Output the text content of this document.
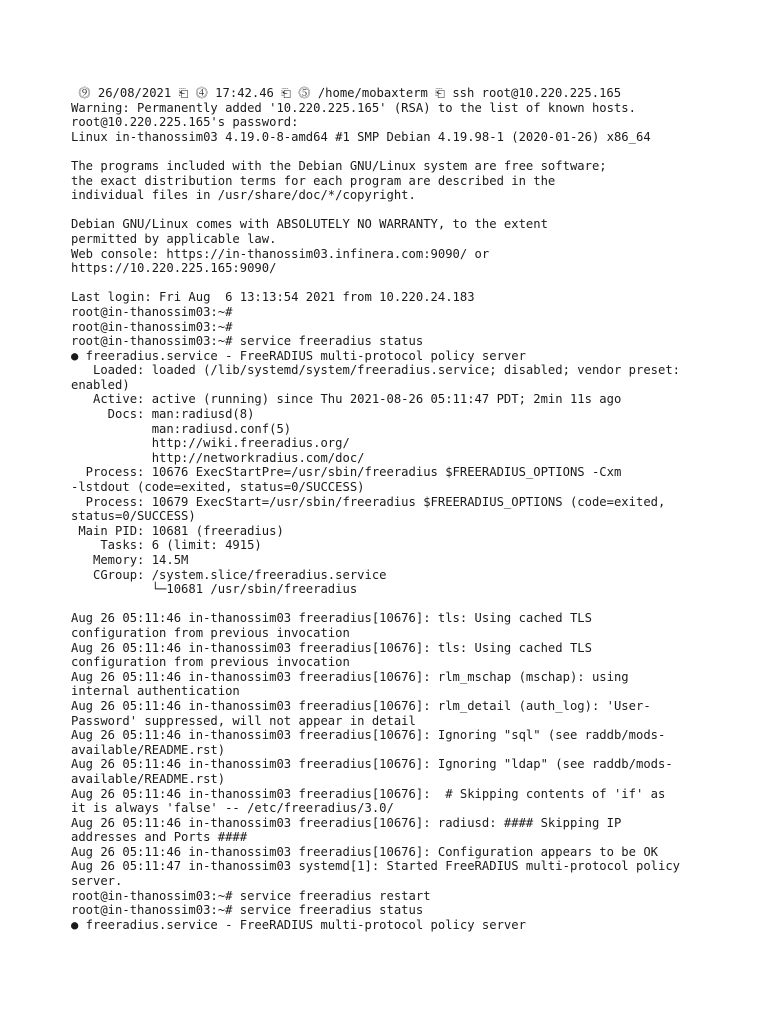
⓽ 26/08/2021 ⎗ ⓸ 17:42.46 ⎗ ⓹ /home/mobaxterm ⎗ ssh root@10.220.225.165
Warning: Permanently added '10.220.225.165' (RSA) to the list of known hosts.
root@10.220.225.165's password:
Linux in-thanossim03 4.19.0-8-amd64 #1 SMP Debian 4.19.98-1 (2020-01-26) x86_64
The programs included with the Debian GNU/Linux system are free software;
the exact distribution terms for each program are described in the
individual files in /usr/share/doc/*/copyright.
Debian GNU/Linux comes with ABSOLUTELY NO WARRANTY, to the extent
permitted by applicable law.
Web console: https://in-thanossim03.infinera.com:9090/ or
https://10.220.225.165:9090/
Last login: Fri Aug  6 13:13:54 2021 from 10.220.24.183
root@in-thanossim03:~#
root@in-thanossim03:~#
root@in-thanossim03:~# service freeradius status
● freeradius.service - FreeRADIUS multi-protocol policy server
Loaded: loaded (/lib/systemd/system/freeradius.service; disabled; vendor preset:
enabled)
Active: active (running) since Thu 2021-08-26 05:11:47 PDT; 2min 11s ago
Docs: man:radiusd(8)
man:radiusd.conf(5)
http://wiki.freeradius.org/
http://networkradius.com/doc/
Process: 10676 ExecStartPre=/usr/sbin/freeradius $FREERADIUS_OPTIONS -Cxm
-lstdout (code=exited, status=0/SUCCESS)
Process: 10679 ExecStart=/usr/sbin/freeradius $FREERADIUS_OPTIONS (code=exited,
status=0/SUCCESS)
Main PID: 10681 (freeradius)
Tasks: 6 (limit: 4915)
Memory: 14.5M
CGroup: /system.slice/freeradius.service
└─10681 /usr/sbin/freeradius
Aug 26 05:11:46 in-thanossim03 freeradius[10676]: tls: Using cached TLS
configuration from previous invocation
Aug 26 05:11:46 in-thanossim03 freeradius[10676]: tls: Using cached TLS
configuration from previous invocation
Aug 26 05:11:46 in-thanossim03 freeradius[10676]: rlm_mschap (mschap): using
internal authentication
Aug 26 05:11:46 in-thanossim03 freeradius[10676]: rlm_detail (auth_log): 'User-
Password' suppressed, will not appear in detail
Aug 26 05:11:46 in-thanossim03 freeradius[10676]: Ignoring "sql" (see raddb/mods-
available/README.rst)
Aug 26 05:11:46 in-thanossim03 freeradius[10676]: Ignoring "ldap" (see raddb/mods-
available/README.rst)
Aug 26 05:11:46 in-thanossim03 freeradius[10676]:  # Skipping contents of 'if' as
it is always 'false' -- /etc/freeradius/3.0/
Aug 26 05:11:46 in-thanossim03 freeradius[10676]: radiusd: #### Skipping IP
addresses and Ports ####
Aug 26 05:11:46 in-thanossim03 freeradius[10676]: Configuration appears to be OK
Aug 26 05:11:47 in-thanossim03 systemd[1]: Started FreeRADIUS multi-protocol policy
server.
root@in-thanossim03:~# service freeradius restart
root@in-thanossim03:~# service freeradius status
● freeradius.service - FreeRADIUS multi-protocol policy server
